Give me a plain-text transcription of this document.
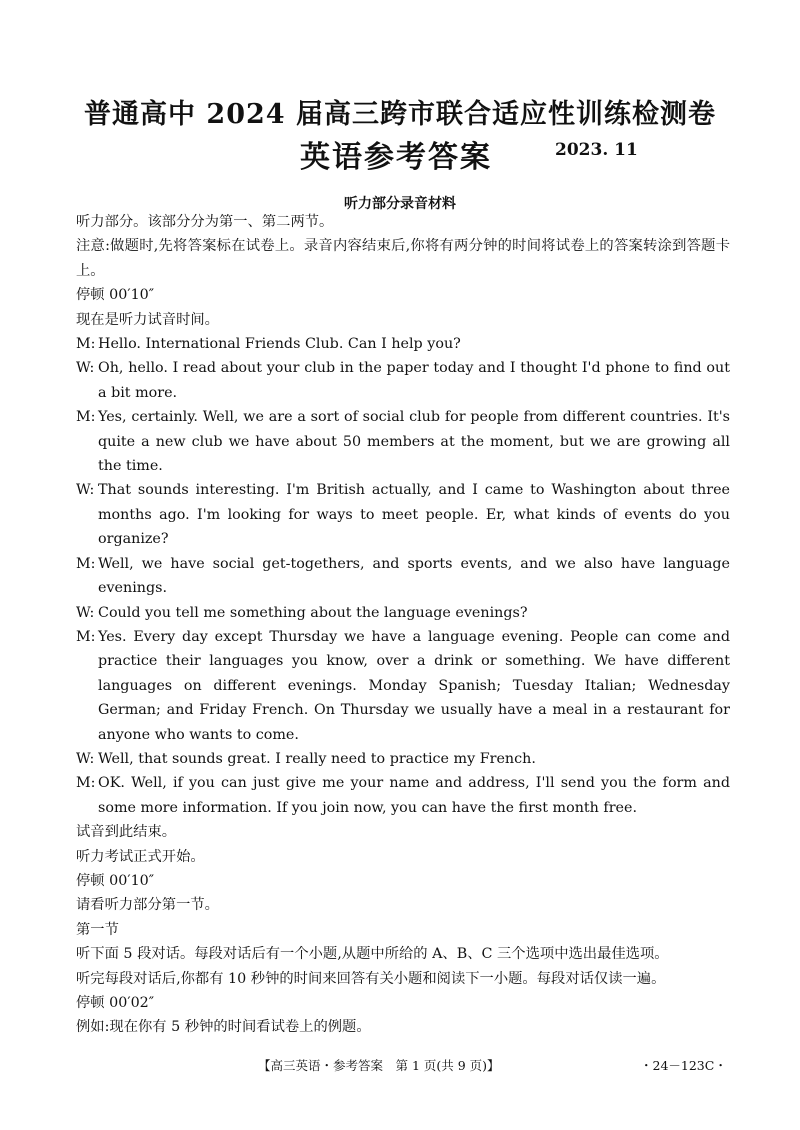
普通高中 2024 届高三跨市联合适应性训练检测卷
英语参考答案	2023. 11
听力部分录音材料
听力部分。该部分分为第一、第二两节。
注意:做题时,先将答案标在试卷上。录音内容结束后,你将有两分钟的时间将试卷上的答案转涂到答题卡上。
停顿 00′10″
现在是听力试音时间。
M: Hello. International Friends Club. Can I help you?
W: Oh, hello. I read about your club in the paper today and I thought I'd phone to find out a bit more.
M: Yes, certainly. Well, we are a sort of social club for people from different countries. It's quite a new club we have about 50 members at the moment, but we are growing all the time.
W: That sounds interesting. I'm British actually, and I came to Washington about three months ago. I'm looking for ways to meet people. Er, what kinds of events do you organize?
M: Well, we have social get-togethers, and sports events, and we also have language evenings.
W: Could you tell me something about the language evenings?
M: Yes. Every day except Thursday we have a language evening. People can come and practice their languages you know, over a drink or something. We have different languages on different evenings. Monday Spanish; Tuesday Italian; Wednesday German; and Friday French. On Thursday we usually have a meal in a restaurant for anyone who wants to come.
W: Well, that sounds great. I really need to practice my French.
M: OK. Well, if you can just give me your name and address, I'll send you the form and some more information. If you join now, you can have the first month free.
试音到此结束。
听力考试正式开始。
停顿 00′10″
请看听力部分第一节。
第一节
听下面 5 段对话。每段对话后有一个小题,从题中所给的 A、B、C 三个选项中选出最佳选项。
听完每段对话后,你都有 10 秒钟的时间来回答有关小题和阅读下一小题。每段对话仅读一遍。
停顿 00′02″
例如:现在你有 5 秒钟的时间看试卷上的例题。
【高三英语・参考答案　第 1 页(共 9 页)】	・24－123C・
